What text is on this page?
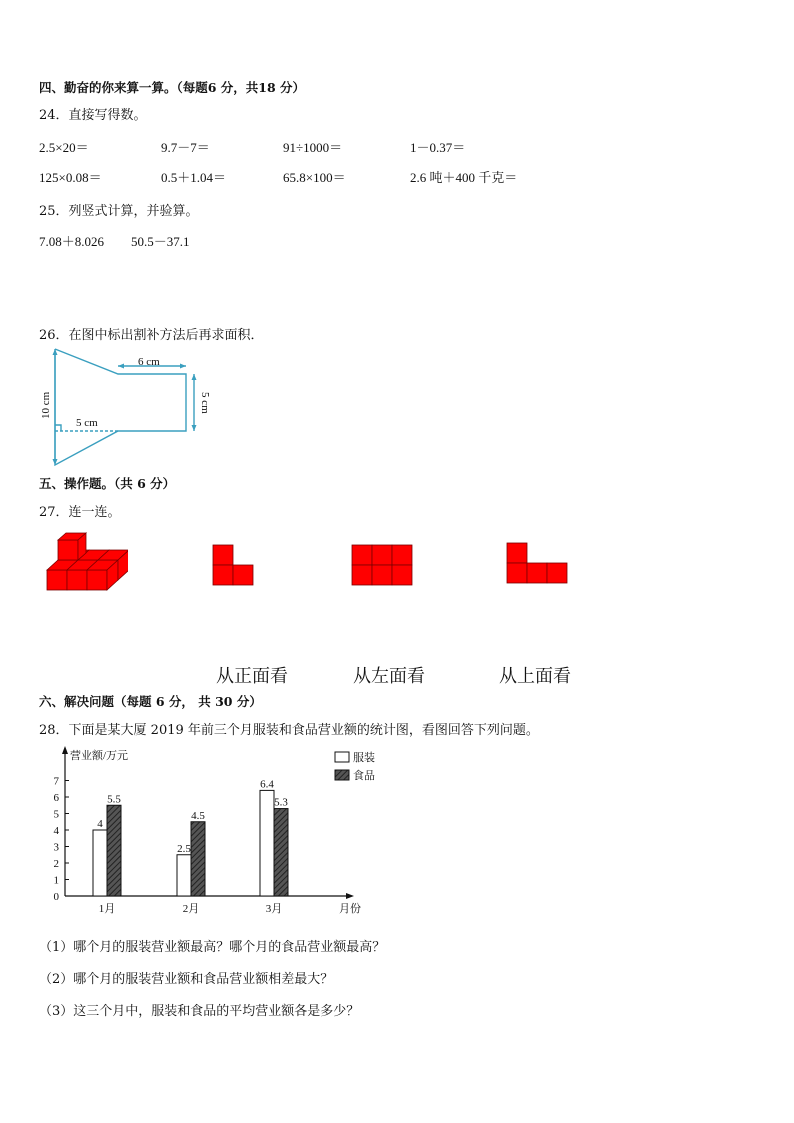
四、勤奋的你来算一算。（每题6 分，共18 分）
24．直接写得数。
2.5×20＝	9.7－7＝	91÷1000＝	1－0.37＝
125×0.08＝	0.5＋1.04＝	65.8×100＝	2.6 吨＋400 千克＝
25．列竖式计算，并验算。
7.08＋8.026 50.5－37.1
26．在图中标出割补方法后再求面积．
6 cm
5 cm
10 cm
5 cm
五、操作题。（共 6 分）
27．连一连。
从正面看	从左面看	从上面看
六、解决问题（每题 6 分， 共 30 分）
28．下面是某大厦 2019 年前三个月服装和食品营业额的统计图，看图回答下列问题。
营业额/万元
月份
0
1
2
3
4
5
6
7
4
5.5
1月
2.5
4.5
2月
6.4
5.3
3月
服装
食品
（1）哪个月的服装营业额最高？哪个月的食品营业额最高？
（2）哪个月的服装营业额和食品营业额相差最大？
（3）这三个月中，服装和食品的平均营业额各是多少？
